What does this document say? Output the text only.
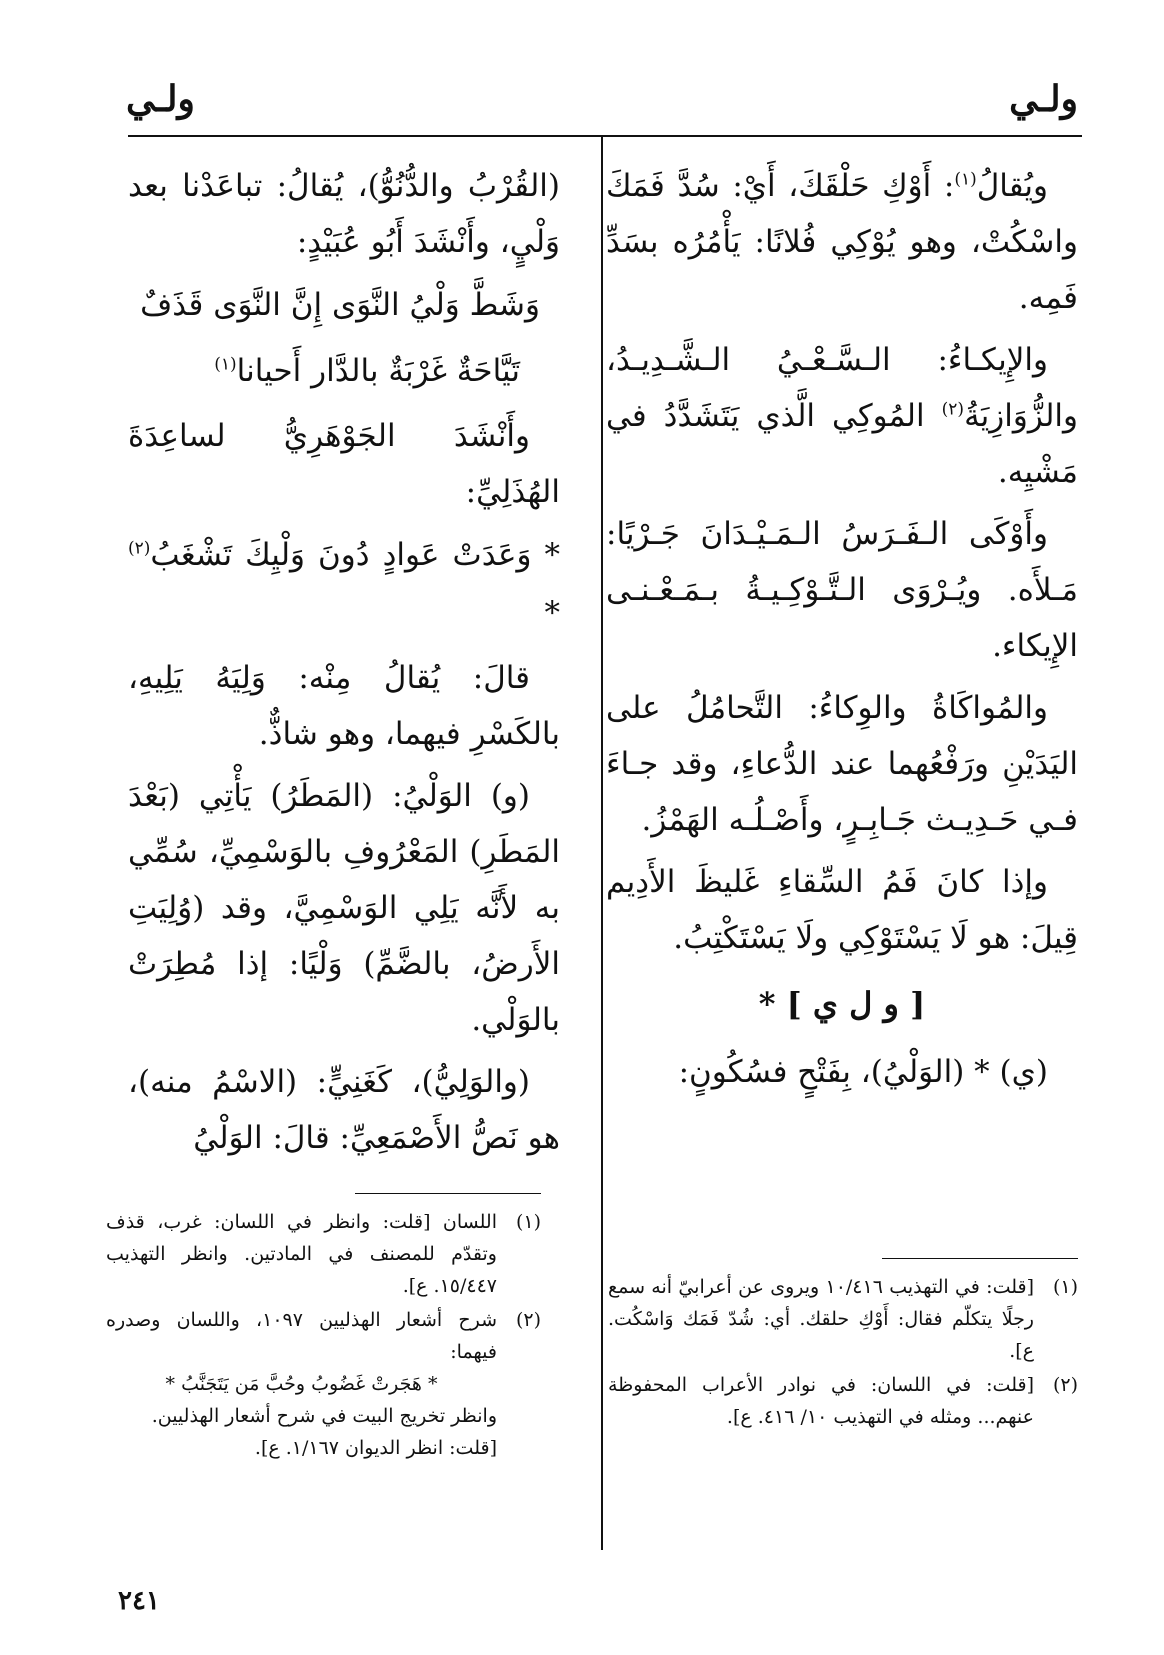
ولـي
ولـي

ويُقالُ$^{(١)}$: أَوْكِ حَلْقَكَ، أَيْ: سُدَّ فَمَكَ واسْكُتْ، وهو يُوْكِي فُلانًا: يَأْمُرُه بسَدِّ فَمِه.

والإِيكـاءُ: الـسَّـعْـيُ الـشَّـدِيـدُ، والزُّوَازِيَةُ$^{(٢)}$ المُوكِي الَّذي يَتَشَدَّدُ في مَشْيِه.

وأَوْكَى الـفَـرَسُ الـمَـيْـدَانَ جَـرْيًا: مَـلأَه. ويُـرْوَى الـتَّـوْكِـيـةُ بـمَـعْـنـى الإِيكاء.

والمُواكَاةُ والوِكاءُ: التَّحامُلُ على اليَدَيْنِ ورَفْعُهما عند الدُّعاءِ، وقد جـاءَ فـي حَـدِيـث جَـابِـرٍ، وأَصْـلُـه الهَمْزُ.

وإذا كانَ فَمُ السِّقاءِ غَليظَ الأَدِيم قِيلَ: هو لَا يَسْتَوْكِي ولَا يَسْتَكْتِبُ.

[ و ل ي ] *

(ي) * (الوَلْيُ)، بِفَتْحٍ فسُكُونٍ:

(١)
[قلت: في التهذيب ١٠/٤١٦ ويروى عن أعرابيّ أنه سمع رجلًا يتكلّم فقال: أَوْكِ حلقك. أي: شُدّ فَمَك وَاسْكُت. ع].
(٢)
[قلت: في اللسان: في نوادر الأعراب المحفوظة عنهم... ومثله في التهذيب ١٠/ ٤١٦. ع].

(القُرْبُ والدُّنُوُّ)، يُقالُ: تباعَدْنا بعد وَلْيٍ، وأَنْشَدَ أَبُو عُبَيْدٍ:

وَشَطَّ وَلْيُ النَّوَى إِنَّ النَّوَى قَذَفٌ
تَيَّاحَةٌ غَرْبَةٌ بالدَّار أَحيانا$^{(١)}$

وأَنْشَدَ الجَوْهَرِيُّ لساعِدَةَ الهُذَلِيِّ:

* وَعَدَتْ عَوادٍ دُونَ وَلْيِكَ تَشْغَبُ$^{(٢)}$ *

قالَ: يُقالُ مِنْه: وَلِيَهُ يَلِيهِ، بالكَسْرِ فيهما، وهو شاذٌّ.

(و) الوَلْيُ: (المَطَرُ) يَأْتِي (بَعْدَ المَطَرِ) المَعْرُوفِ بالوَسْمِيِّ، سُمِّي به لأَنَّه يَلِي الوَسْمِيَّ، وقد (وُلِيَتِ الأَرضُ، بالضَّمِّ) وَلْيًا: إذا مُطِرَتْ بالوَلْي.

(والوَلِيُّ)، كَغَنِيٍّ: (الاسْمُ منه)، هو نَصُّ الأَصْمَعِيِّ: قالَ: الوَلْيُ

(١)
اللسان [قلت: وانظر في اللسان: غرب، قذف وتقدّم للمصنف في المادتين. وانظر التهذيب ١٥/٤٤٧. ع].
(٢)
شرح أشعار الهذليين ١٠٩٧، واللسان وصدره فيهما:
* هَجَرتْ غَضُوبُ وحُبَّ مَن يَتَجَنَّبُ *
وانظر تخريج البيت في شرح أشعار الهذليين.
[قلت: انظر الديوان ١/١٦٧. ع].
٢٤١
